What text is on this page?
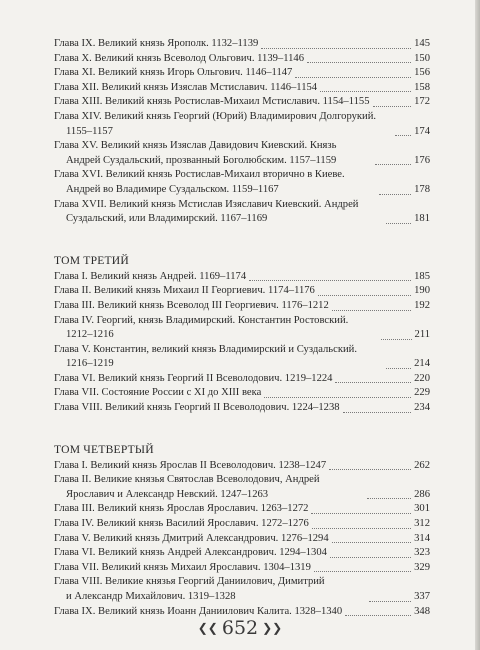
Глава IX. Великий князь Ярополк. 1132–1139	145
Глава X. Великий князь Всеволод Ольгович. 1139–1146	150
Глава XI. Великий князь Игорь Ольгович. 1146–1147	156
Глава XII. Великий князь Изяслав Мстиславич. 1146–1154	158
Глава XIII. Великий князь Ростислав-Михаил Мстиславич. 1154–1155	172
Глава XIV. Великий князь Георгий (Юрий) Владимирович Долгорукий.
1155–1157	174
Глава XV. Великий князь Изяслав Давидович Киевский. Князь
Андрей Суздальский, прозванный Боголюбским. 1157–1159	176
Глава XVI. Великий князь Ростислав-Михаил вторично в Киеве.
Андрей во Владимире Суздальском. 1159–1167	178
Глава XVII. Великий князь Мстислав Изяславич Киевский. Андрей
Суздальский, или Владимирский. 1167–1169	181
ТОМ ТРЕТИЙ
Глава I. Великий князь Андрей. 1169–1174	185
Глава II. Великий князь Михаил II Георгиевич. 1174–1176	190
Глава III. Великий князь Всеволод III Георгиевич. 1176–1212	192
Глава IV. Георгий, князь Владимирский. Константин Ростовский.
1212–1216	211
Глава V. Константин, великий князь Владимирский и Суздальский.
1216–1219	214
Глава VI. Великий князь Георгий II Всеволодович. 1219–1224	220
Глава VII. Состояние России с XI до XIII века	229
Глава VIII. Великий князь Георгий II Всеволодович. 1224–1238	234
ТОМ ЧЕТВЕРТЫЙ
Глава I. Великий князь Ярослав II Всеволодович. 1238–1247	262
Глава II. Великие князья Святослав Всеволодович, Андрей
Ярославич и Александр Невский. 1247–1263	286
Глава III. Великий князь Ярослав Ярославич. 1263–1272	301
Глава IV. Великий князь Василий Ярославич. 1272–1276	312
Глава V. Великий князь Дмитрий Александрович. 1276–1294	314
Глава VI. Великий князь Андрей Александрович. 1294–1304	323
Глава VII. Великий князь Михаил Ярославич. 1304–1319	329
Глава VIII. Великие князья Георгий Даниилович, Димитрий
и Александр Михайлович. 1319–1328	337
Глава IX. Великий князь Иоанн Даниилович Калита. 1328–1340	348
❮❮ 652 ❯❯
